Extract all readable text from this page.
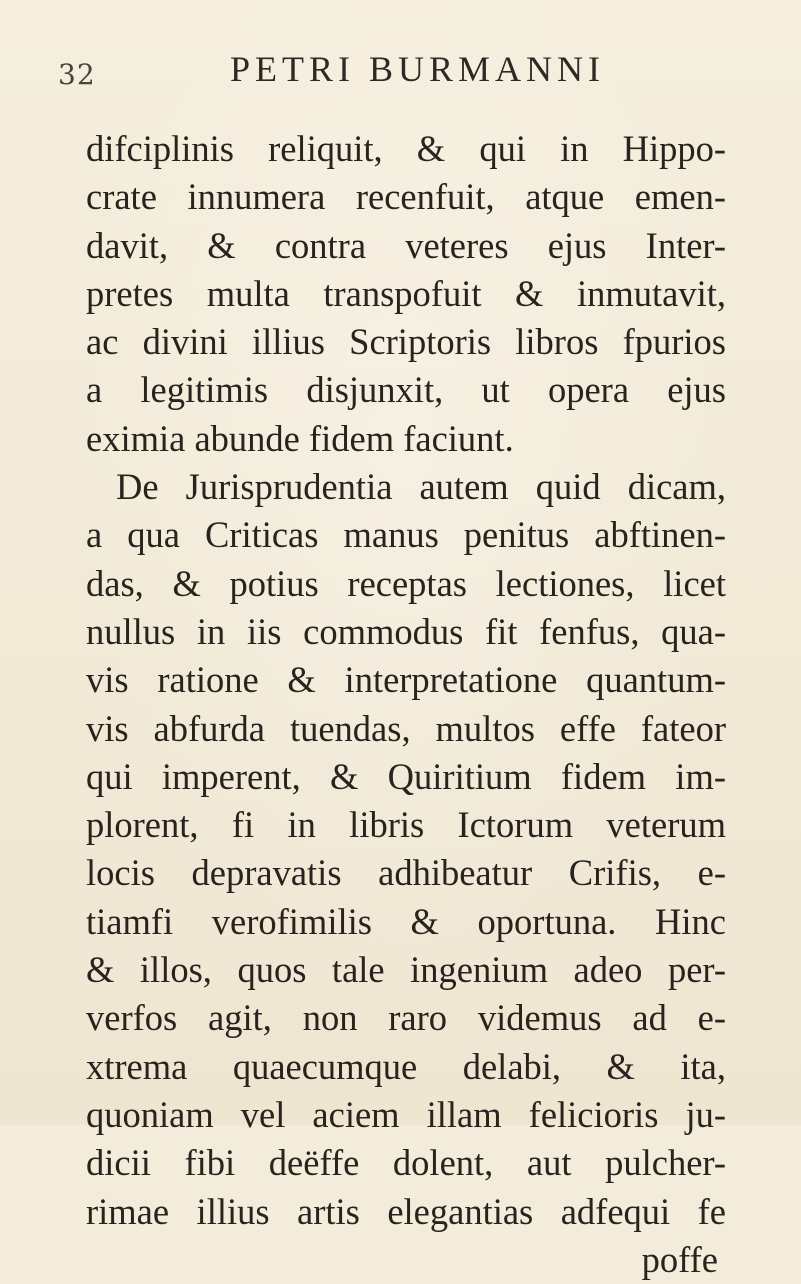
32	PETRI BURMANNI
difciplinis reliquit, & qui in Hippo-
crate innumera recenfuit, atque emen-
davit, & contra veteres ejus Inter-
pretes multa transpofuit & inmutavit,
ac divini illius Scriptoris libros fpurios
a legitimis disjunxit, ut opera ejus
eximia abunde fidem faciunt.
De Jurisprudentia autem quid dicam,
a qua Criticas manus penitus abftinen-
das, & potius receptas lectiones, licet
nullus in iis commodus fit fenfus, qua-
vis ratione & interpretatione quantum-
vis abfurda tuendas, multos effe fateor
qui imperent, & Quiritium fidem im-
plorent, fi in libris Ictorum veterum
locis depravatis adhibeatur Crifis, e-
tiamfi verofimilis & oportuna. Hinc
& illos, quos tale ingenium adeo per-
verfos agit, non raro videmus ad e-
xtrema quaecumque delabi, & ita,
quoniam vel aciem illam felicioris ju-
dicii fibi deëffe dolent, aut pulcher-
rimae illius artis elegantias adfequi fe
poffe
